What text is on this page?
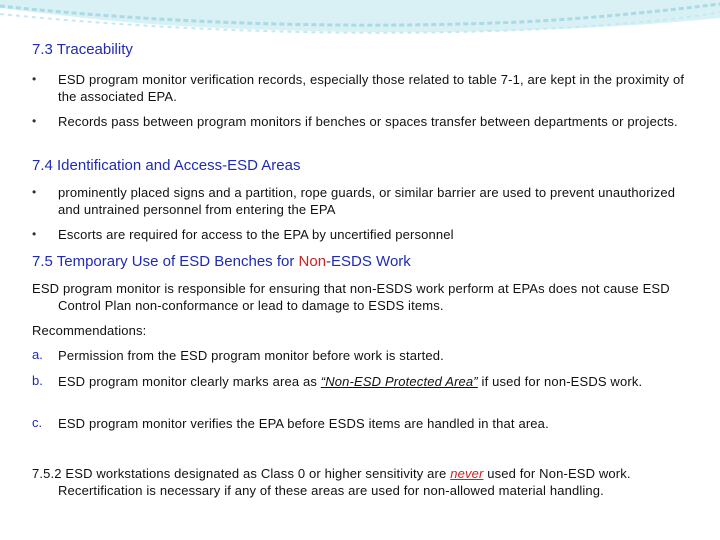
7.3 Traceability
• ESD program monitor verification records, especially those related to table 7-1, are kept in the proximity of the associated EPA.
• Records pass between program monitors if benches or spaces transfer between departments or projects.
7.4 Identification and Access-ESD Areas
• prominently placed signs and a partition, rope guards, or similar barrier are used to prevent unauthorized and untrained personnel from entering the EPA
• Escorts are required for access to the EPA by uncertified personnel
7.5 Temporary Use of ESD Benches for Non-ESDS Work
ESD program monitor is responsible for ensuring that non-ESDS work perform at EPAs does not cause ESD Control Plan non-conformance or lead to damage to ESDS items.
Recommendations:
a. Permission from the ESD program monitor before work is started.
b. ESD program monitor clearly marks area as “Non-ESD Protected Area” if used for non-ESDS work.
c. ESD program monitor verifies the EPA before ESDS items are handled in that area.
7.5.2 ESD workstations designated as Class 0 or higher sensitivity are never used for Non-ESD work. Recertification is necessary if any of these areas are used for non-allowed material handling.
